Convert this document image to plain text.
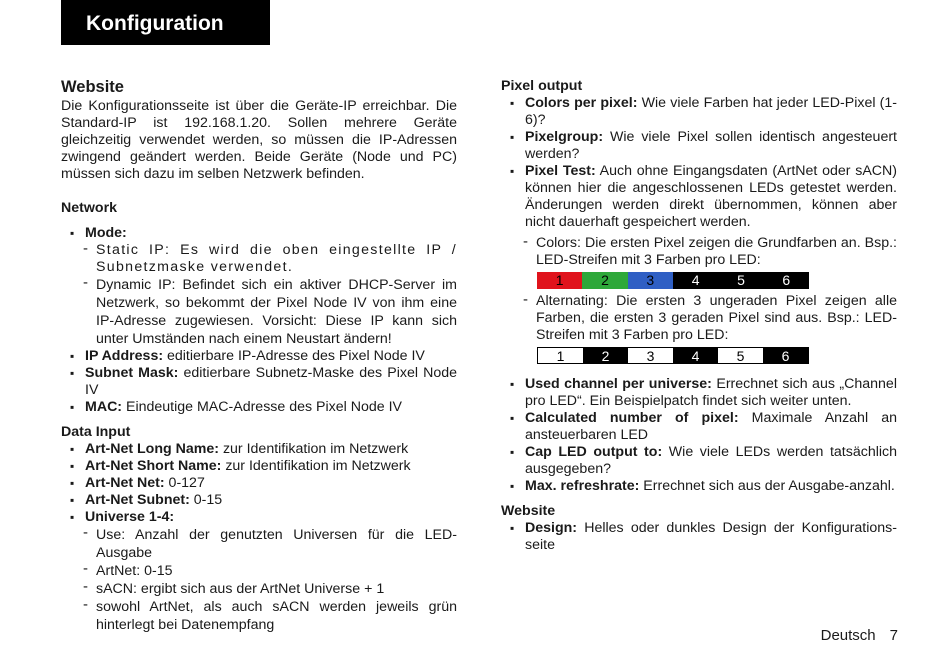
Konfiguration
Website

Die Konfigurationsseite ist über die Geräte-IP erreichbar. Die Standard-IP ist 192.168.1.20. Sollen mehrere Geräte gleichzeitig verwendet werden, so müssen die IP-Adressen zwingend geändert werden. Beide Geräte (Node und PC) müssen sich dazu im selben Netzwerk befinden.

Network
▪ Mode:
- Static IP: Es wird die oben eingestellte IP / Subnetzmaske verwendet.
- Dynamic IP: Befindet sich ein aktiver DHCP-Server im Netzwerk, so bekommt der Pixel Node IV von ihm eine IP-Adresse zugewiesen. Vorsicht: Diese IP kann sich unter Umständen nach einem Neustart ändern!
▪ IP Address: editierbare IP-Adresse des Pixel Node IV
▪ Subnet Mask: editierbare Subnetz-Maske des Pixel Node IV
▪ MAC: Eindeutige MAC-Adresse des Pixel Node IV
Data Input
▪ Art-Net Long Name: zur Identifikation im Netzwerk
▪ Art-Net Short Name: zur Identifikation im Netzwerk
▪ Art-Net Net: 0-127
▪ Art-Net Subnet: 0-15
▪ Universe 1-4:
- Use: Anzahl der genutzten Universen für die LED-Ausgabe
- ArtNet: 0-15
- sACN: ergibt sich aus der ArtNet Universe + 1
- sowohl ArtNet, als auch sACN werden jeweils grün hinterlegt bei Datenempfang
Pixel output
▪ Colors per pixel: Wie viele Farben hat jeder LED-Pixel (1-6)?
▪ Pixelgroup: Wie viele Pixel sollen identisch angesteuert werden?
▪ Pixel Test: Auch ohne Eingangsdaten (ArtNet oder sACN) können hier die angeschlossenen LEDs getestet werden. Änderungen werden direkt übernommen, können aber nicht dauerhaft gespeichert werden.
- Colors: Die ersten Pixel zeigen die Grundfarben an. Bsp.: LED-Streifen mit 3 Farben pro LED:
1	2	3	4	5	6
- Alternating: Die ersten 3 ungeraden Pixel zeigen alle Farben, die ersten 3 geraden Pixel sind aus. Bsp.: LED-Streifen mit 3 Farben pro LED:
1	2	3	4	5	6
▪ Used channel per universe: Errechnet sich aus „Channel pro LED“. Ein Beispielpatch findet sich weiter unten.
▪ Calculated number of pixel: Maximale Anzahl an ansteuerbaren LED
▪ Cap LED output to: Wie viele LEDs werden tatsächlich ausgegeben?
▪ Max. refreshrate: Errechnet sich aus der Ausgabe-anzahl.
Website
▪ Design: Helles oder dunkles Design der Konfigurations-seite
Deutsch 7
